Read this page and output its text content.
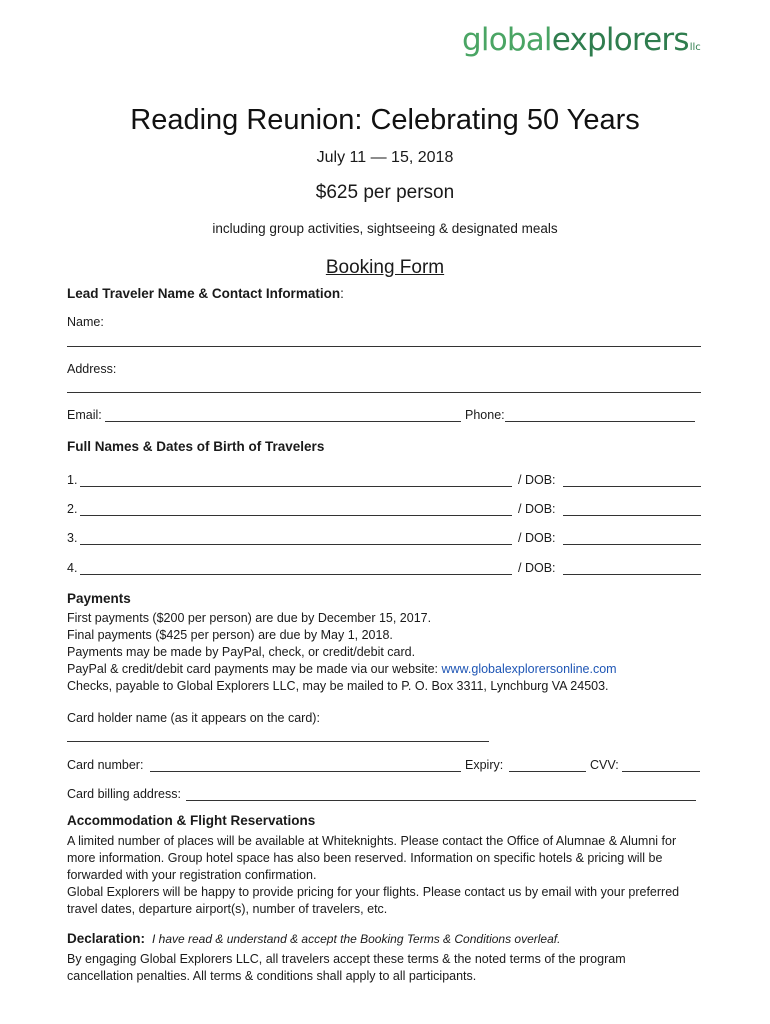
globalexplorersllc
Reading Reunion: Celebrating 50 Years
July 11 — 15, 2018
$625 per person
including group activities, sightseeing & designated meals
Booking Form
Lead Traveler Name & Contact Information:
Name:
Address:
Email:	Phone:
Full Names & Dates of Birth of Travelers
1.	/ DOB:
2.	/ DOB:
3.	/ DOB:
4.	/ DOB:
Payments
First payments ($200 per person) are due by December 15, 2017.
Final payments ($425 per person) are due by May 1, 2018.
Payments may be made by PayPal, check, or credit/debit card.
PayPal & credit/debit card payments may be made via our website: www.globalexplorersonline.com
Checks, payable to Global Explorers LLC, may be mailed to P. O. Box 3311, Lynchburg VA 24503.
Card holder name (as it appears on the card):
Card number:	Expiry:	CVV:
Card billing address:
Accommodation & Flight Reservations
A limited number of places will be available at Whiteknights. Please contact the Office of Alumnae & Alumni for
more information. Group hotel space has also been reserved. Information on specific hotels & pricing will be
forwarded with your registration confirmation.
Global Explorers will be happy to provide pricing for your flights. Please contact us by email with your preferred
travel dates, departure airport(s), number of travelers, etc.
Declaration: I have read & understand & accept the Booking Terms & Conditions overleaf.
By engaging Global Explorers LLC, all travelers accept these terms & the noted terms of the program
cancellation penalties. All terms & conditions shall apply to all participants.
